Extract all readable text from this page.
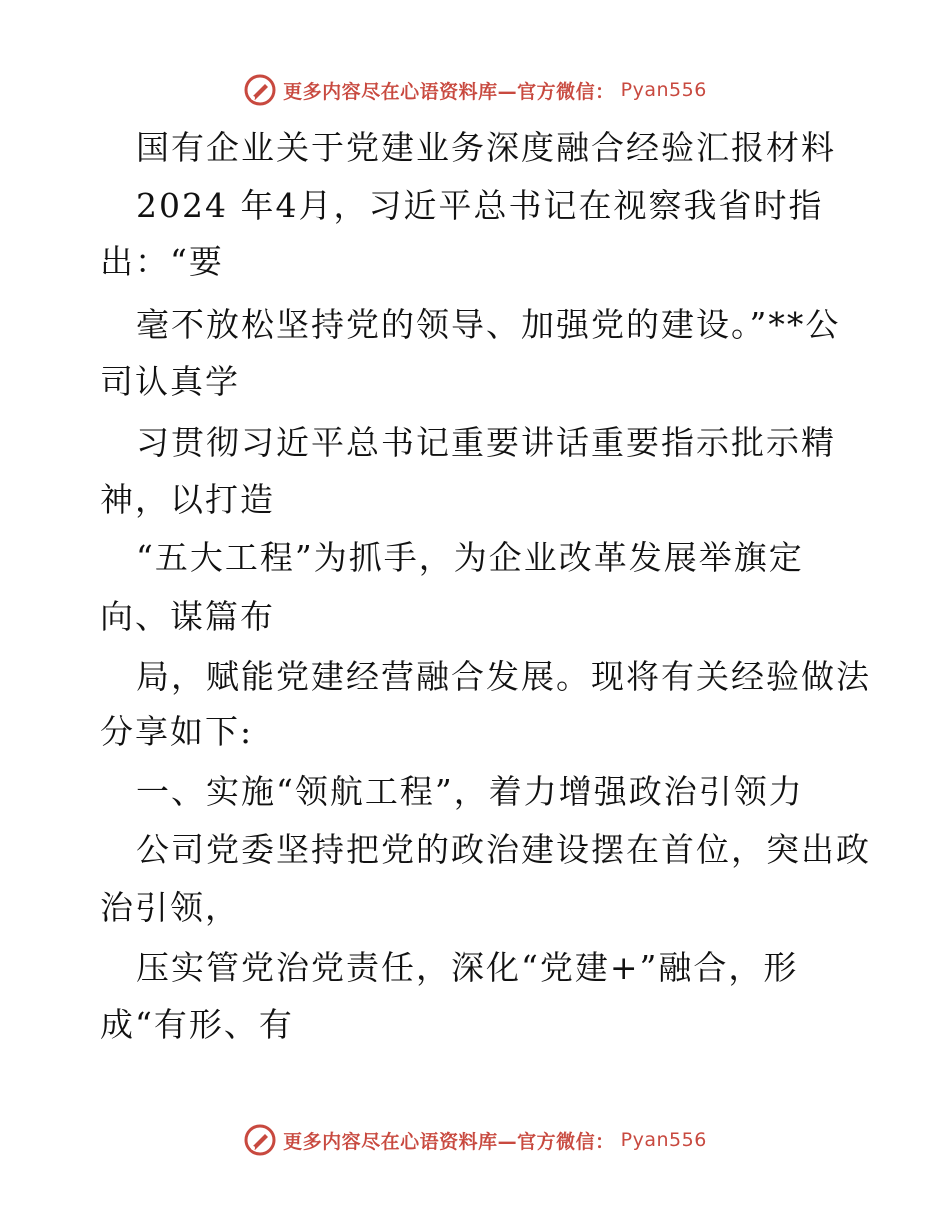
更多内容尽在心语资料库—官方微信： Pyan556
国有企业关于党建业务深度融合经验汇报材料
2024 年4月，习近平总书记在视察我省时指
出：“要
毫不放松坚持党的领导、加强党的建设。”**公
司认真学
习贯彻习近平总书记重要讲话重要指示批示精
神，以打造
“五大工程”为抓手，为企业改革发展举旗定
向、谋篇布
局，赋能党建经营融合发展。现将有关经验做法
分享如下:
一、实施“领航工程”，着力增强政治引领力
公司党委坚持把党的政治建设摆在首位，突出政
治引领，
压实管党治党责任，深化“党建+”融合，形
成“有形、有
更多内容尽在心语资料库—官方微信： Pyan556
